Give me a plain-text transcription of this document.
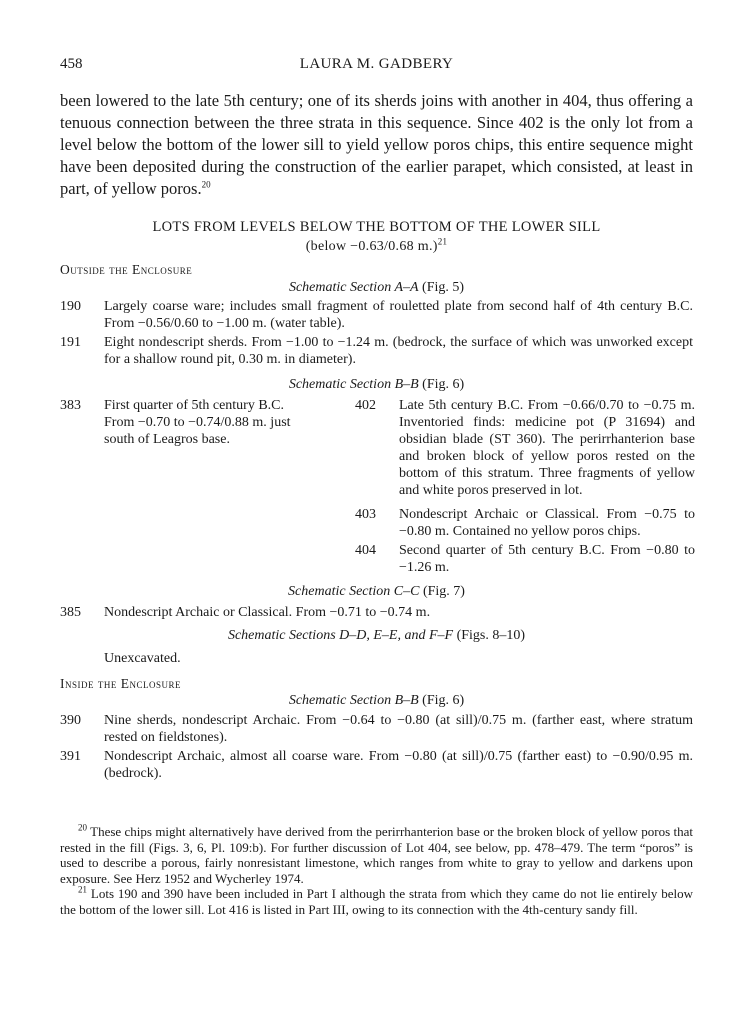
458	LAURA M. GADBERY

been lowered to the late 5th century; one of its sherds joins with another in 404, thus offering a tenuous connection between the three strata in this sequence. Since 402 is the only lot from a level below the bottom of the lower sill to yield yellow poros chips, this entire sequence might have been deposited during the construction of the earlier parapet, which consisted, at least in part, of yellow poros.$^{20}$

LOTS FROM LEVELS BELOW THE BOTTOM OF THE LOWER SILL
(below −0.63/0.68 m.)$^{21}$
Outside the Enclosure
Schematic Section A–A (Fig. 5)
190 Largely coarse ware; includes small fragment of rouletted plate from second half of 4th century B.C. From −0.56/0.60 to −1.00 m. (water table).
191 Eight nondescript sherds. From −1.00 to −1.24 m. (bedrock, the surface of which was unworked except for a shallow round pit, 0.30 m. in diameter).
Schematic Section B–B (Fig. 6)
383 First quarter of 5th century B.C. From −0.70 to −0.74/0.88 m. just south of Leagros base.
402 Late 5th century B.C. From −0.66/0.70 to −0.75 m. Inventoried finds: medicine pot (P 31694) and obsidian blade (ST 360). The perirrhanterion base and broken block of yellow poros rested on the bottom of this stratum. Three fragments of yellow and white poros preserved in lot.
403 Nondescript Archaic or Classical. From −0.75 to −0.80 m. Contained no yellow poros chips.
404 Second quarter of 5th century B.C. From −0.80 to −1.26 m.
Schematic Section C–C (Fig. 7)
385 Nondescript Archaic or Classical. From −0.71 to −0.74 m.
Schematic Sections D–D, E–E, and F–F (Figs. 8–10)
Unexcavated.
Inside the Enclosure
Schematic Section B–B (Fig. 6)
390 Nine sherds, nondescript Archaic. From −0.64 to −0.80 (at sill)/0.75 m. (farther east, where stratum rested on fieldstones).
391 Nondescript Archaic, almost all coarse ware. From −0.80 (at sill)/0.75 (farther east) to −0.90/0.95 m. (bedrock).

$^{20}$ These chips might alternatively have derived from the perirrhanterion base or the broken block of yellow poros that rested in the fill (Figs. 3, 6, Pl. 109:b). For further discussion of Lot 404, see below, pp. 478–479. The term “poros” is used to describe a porous, fairly nonresistant limestone, which ranges from white to gray to yellow and darkens upon exposure. See Herz 1952 and Wycherley 1974.

$^{21}$ Lots 190 and 390 have been included in Part I although the strata from which they came do not lie entirely below the bottom of the lower sill. Lot 416 is listed in Part III, owing to its connection with the 4th-century sandy fill.
